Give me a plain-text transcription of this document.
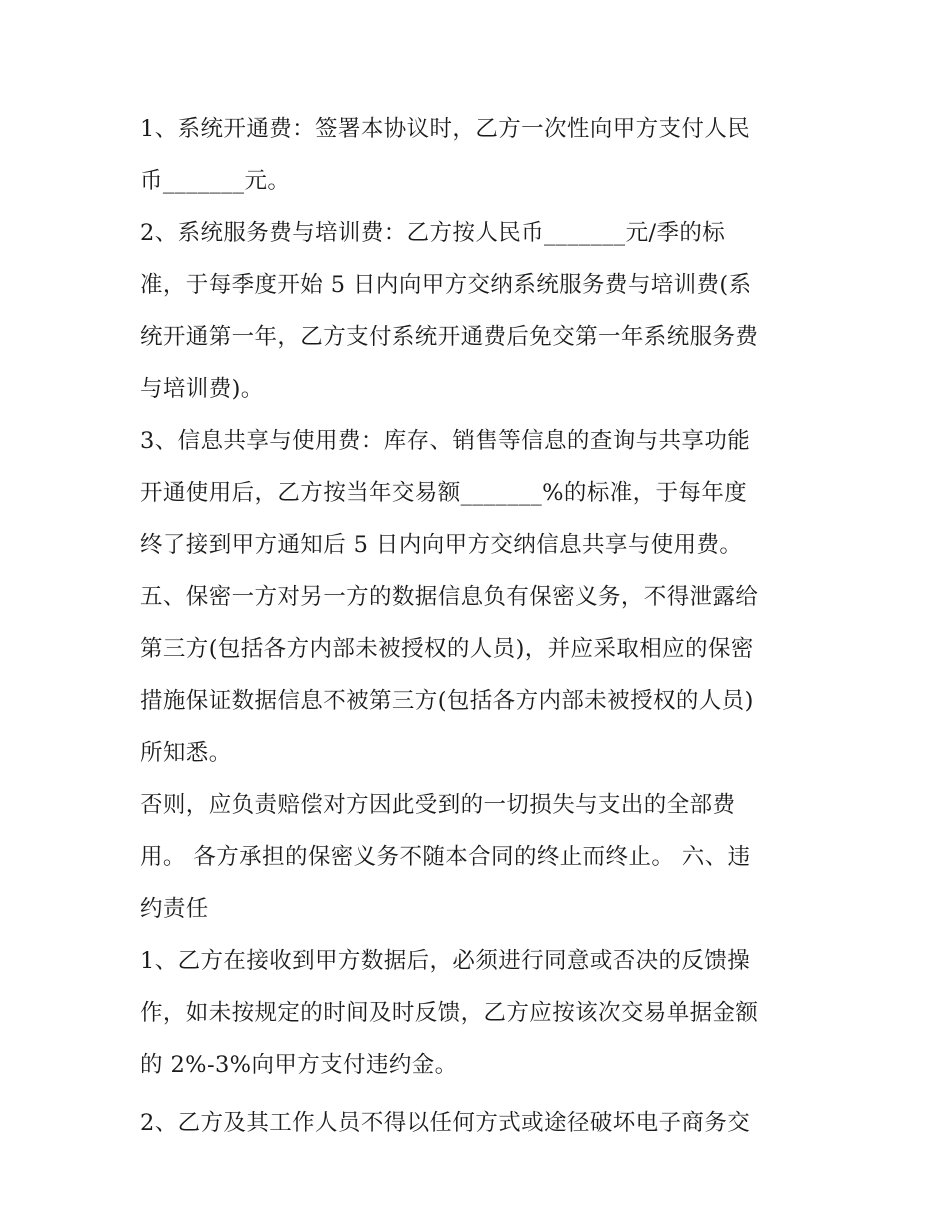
1、系统开通费：签署本协议时，乙方一次性向甲方支付人民
币_______元。
2、系统服务费与培训费：乙方按人民币_______元/季的标
准，于每季度开始 5 日内向甲方交纳系统服务费与培训费(系
统开通第一年，乙方支付系统开通费后免交第一年系统服务费
与培训费)。
3、信息共享与使用费：库存、销售等信息的查询与共享功能
开通使用后，乙方按当年交易额_______%的标准，于每年度
终了接到甲方通知后 5 日内向甲方交纳信息共享与使用费。
五、保密一方对另一方的数据信息负有保密义务，不得泄露给
第三方(包括各方内部未被授权的人员)，并应采取相应的保密
措施保证数据信息不被第三方(包括各方内部未被授权的人员)
所知悉。
否则，应负责赔偿对方因此受到的一切损失与支出的全部费
用。 各方承担的保密义务不随本合同的终止而终止。 六、违
约责任
1、乙方在接收到甲方数据后，必须进行同意或否决的反馈操
作，如未按规定的时间及时反馈，乙方应按该次交易单据金额
的 2%-3%向甲方支付违约金。
2、乙方及其工作人员不得以任何方式或途径破坏电子商务交
